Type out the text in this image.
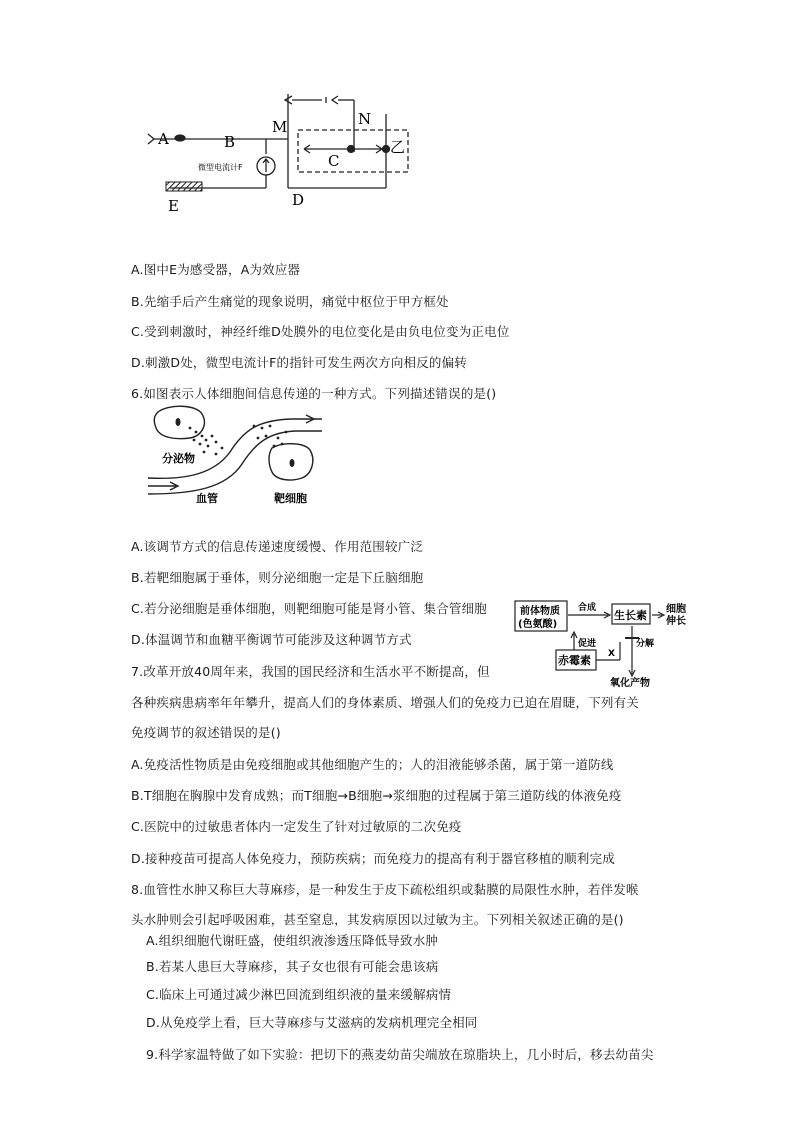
A	B
M	N
C
乙
D
E
微型电流计F
A.图中E为感受器，A为效应器
B.先缩手后产生痛觉的现象说明，痛觉中枢位于甲方框处
C.受到刺激时，神经纤维D处膜外的电位变化是由负电位变为正电位
D.刺激D处，微型电流计F的指针可发生两次方向相反的偏转
6.如图表示人体细胞间信息传递的一种方式。下列描述错误的是()
分泌物
血管	靶细胞
A.该调节方式的信息传递速度缓慢、作用范围较广泛
B.若靶细胞属于垂体，则分泌细胞一定是下丘脑细胞
C.若分泌细胞是垂体细胞，则靶细胞可能是肾小管、集合管细胞
D.体温调节和血糖平衡调节可能涉及这种调节方式
前体物质
(色氨酸)
合成
生长素 细胞
伸长
促进	分解
赤霉素 X
氧化产物
7.改革开放40周年来，我国的国民经济和生活水平不断提高，但
各种疾病患病率年年攀升，提高人们的身体素质、增强人们的免疫力已迫在眉睫，下列有关
免疫调节的叙述错误的是()
A.免疫活性物质是由免疫细胞或其他细胞产生的；人的泪液能够杀菌，属于第一道防线
B.T细胞在胸腺中发育成熟；而T细胞→B细胞→浆细胞的过程属于第三道防线的体液免疫
C.医院中的过敏患者体内一定发生了针对过敏原的二次免疫
D.接种疫苗可提高人体免疫力，预防疾病；而免疫力的提高有利于器官移植的顺利完成
8.血管性水肿又称巨大荨麻疹，是一种发生于皮下疏松组织或黏膜的局限性水肿，若伴发喉
头水肿则会引起呼吸困难，甚至窒息，其发病原因以过敏为主。下列相关叙述正确的是()
A.组织细胞代谢旺盛，使组织液渗透压降低导致水肿
B.若某人患巨大荨麻疹，其子女也很有可能会患该病
C.临床上可通过减少淋巴回流到组织液的量来缓解病情
D.从免疫学上看，巨大荨麻疹与艾滋病的发病机理完全相同
9.科学家温特做了如下实验：把切下的燕麦幼苗尖端放在琼脂块上，几小时后，移去幼苗尖
